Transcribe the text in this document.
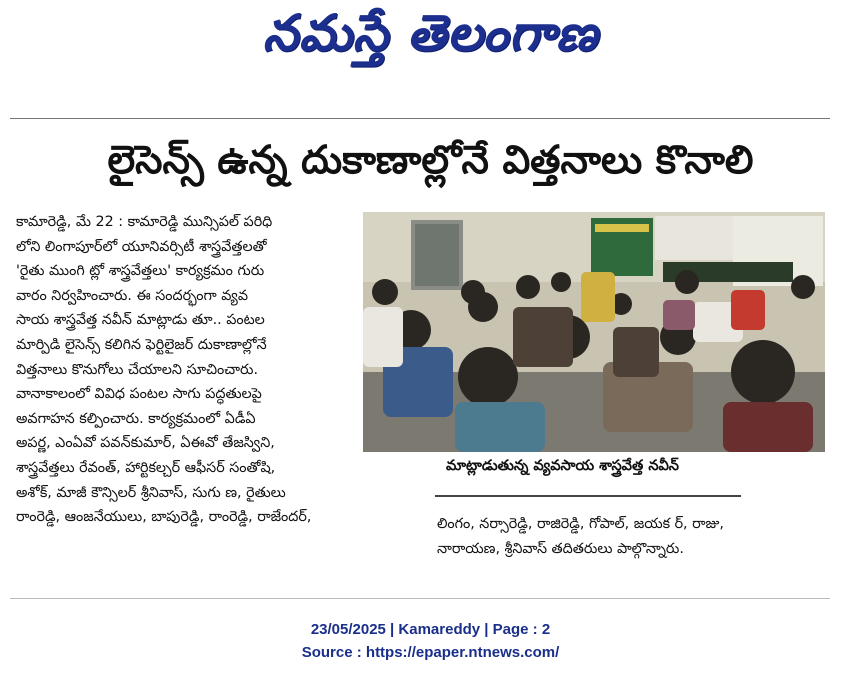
నమస్తే తెలంగాణ
లైసెన్స్ ఉన్న దుకాణాల్లోనే విత్తనాలు కొనాలి
కామారెడ్డి, మే 22 : కామారెడ్డి మున్సిపల్ పరిధి
లోని లింగాపూర్‌లో యూనివర్సిటీ శాస్త్రవేత్తలతో
'రైతు ముంగి ట్లో శాస్త్రవేత్తలు' కార్యక్రమం గురు
వారం నిర్వహించారు. ఈ సందర్భంగా వ్యవ
సాయ శాస్త్రవేత్త నవీన్ మాట్లాడు తూ.. పంటల
మార్పిడి లైసెన్స్ కలిగిన ఫెర్టిలైజర్ దుకాణాల్లోనే
విత్తనాలు కొనుగోలు చేయాలని సూచించారు.
వానాకాలంలో వివిధ పంటల సాగు పద్ధతులపై
అవగాహన కల్పించారు. కార్యక్రమంలో ఏడీఏ
అపర్ణ, ఎంఏవో పవన్‌కుమార్, ఏఈవో తేజస్విని,
శాస్త్రవేత్తలు రేవంత్, హార్టికల్చర్ ఆఫీసర్ సంతోషి,
అశోక్, మాజీ కౌన్సిలర్ శ్రీనివాస్, సుగు ణ, రైతులు
రాంరెడ్డి, ఆంజనేయులు, బాపురెడ్డి, రాంరెడ్డి, రాజేందర్,
మాట్లాడుతున్న వ్యవసాయ శాస్త్రవేత్త నవీన్
లింగం, నర్సారెడ్డి, రాజిరెడ్డి, గోపాల్, జయక ర్, రాజు,
నారాయణ, శ్రీనివాస్ తదితరులు పాల్గొన్నారు.
23/05/2025 | Kamareddy | Page : 2
Source : https://epaper.ntnews.com/
